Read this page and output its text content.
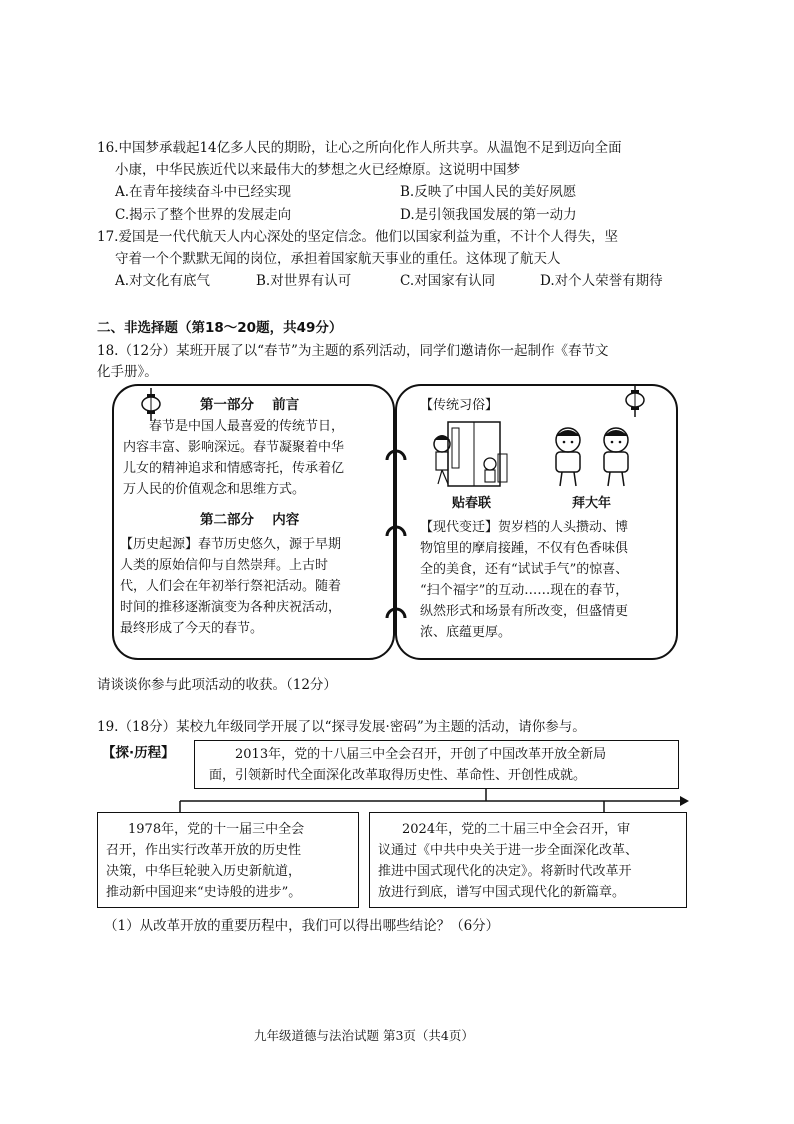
16.中国梦承载起14亿多人民的期盼，让心之所向化作人所共享。从温饱不足到迈向全面
小康，中华民族近代以来最伟大的梦想之火已经燎原。这说明中国梦
A.在青年接续奋斗中已经实现	B.反映了中国人民的美好夙愿
C.揭示了整个世界的发展走向	D.是引领我国发展的第一动力
17.爱国是一代代航天人内心深处的坚定信念。他们以国家利益为重，不计个人得失，坚
守着一个个默默无闻的岗位，承担着国家航天事业的重任。这体现了航天人
A.对文化有底气	B.对世界有认可	C.对国家有认同	D.对个人荣誉有期待
二、非选择题（第18～20题，共49分）
18.（12分）某班开展了以“春节”为主题的系列活动，同学们邀请你一起制作《春节文
化手册》。
第一部分　 前言
春节是中国人最喜爱的传统节日，
内容丰富、影响深远。春节凝聚着中华
儿女的精神追求和情感寄托，传承着亿
万人民的价值观念和思维方式。
第二部分　 内容
【历史起源】春节历史悠久，源于早期
人类的原始信仰与自然崇拜。上古时
代，人们会在年初举行祭祀活动。随着
时间的推移逐渐演变为各种庆祝活动，
最终形成了今天的春节。
【传统习俗】
贴春联	拜大年
【现代变迁】贺岁档的人头攒动、博
物馆里的摩肩接踵，不仅有色香味俱
全的美食，还有“试试手气”的惊喜、
“扫个福字”的互动……现在的春节，
纵然形式和场景有所改变，但盛情更
浓、底蕴更厚。
请谈谈你参与此项活动的收获。（12分）
19.（18分）某校九年级同学开展了以“探寻发展·密码”为主题的活动，请你参与。
【探·历程】	2013年，党的十八届三中全会召开，开创了中国改革开放全新局
面，引领新时代全面深化改革取得历史性、革命性、开创性成就。
1978年，党的十一届三中全会
召开，作出实行改革开放的历史性
决策，中华巨轮驶入历史新航道，
推动新中国迎来“史诗般的进步”。
2024年，党的二十届三中全会召开，审
议通过《中共中央关于进一步全面深化改革、
推进中国式现代化的决定》。将新时代改革开
放进行到底，谱写中国式现代化的新篇章。
（1）从改革开放的重要历程中，我们可以得出哪些结论？（6分）
九年级道德与法治试题 第3页（共4页）
